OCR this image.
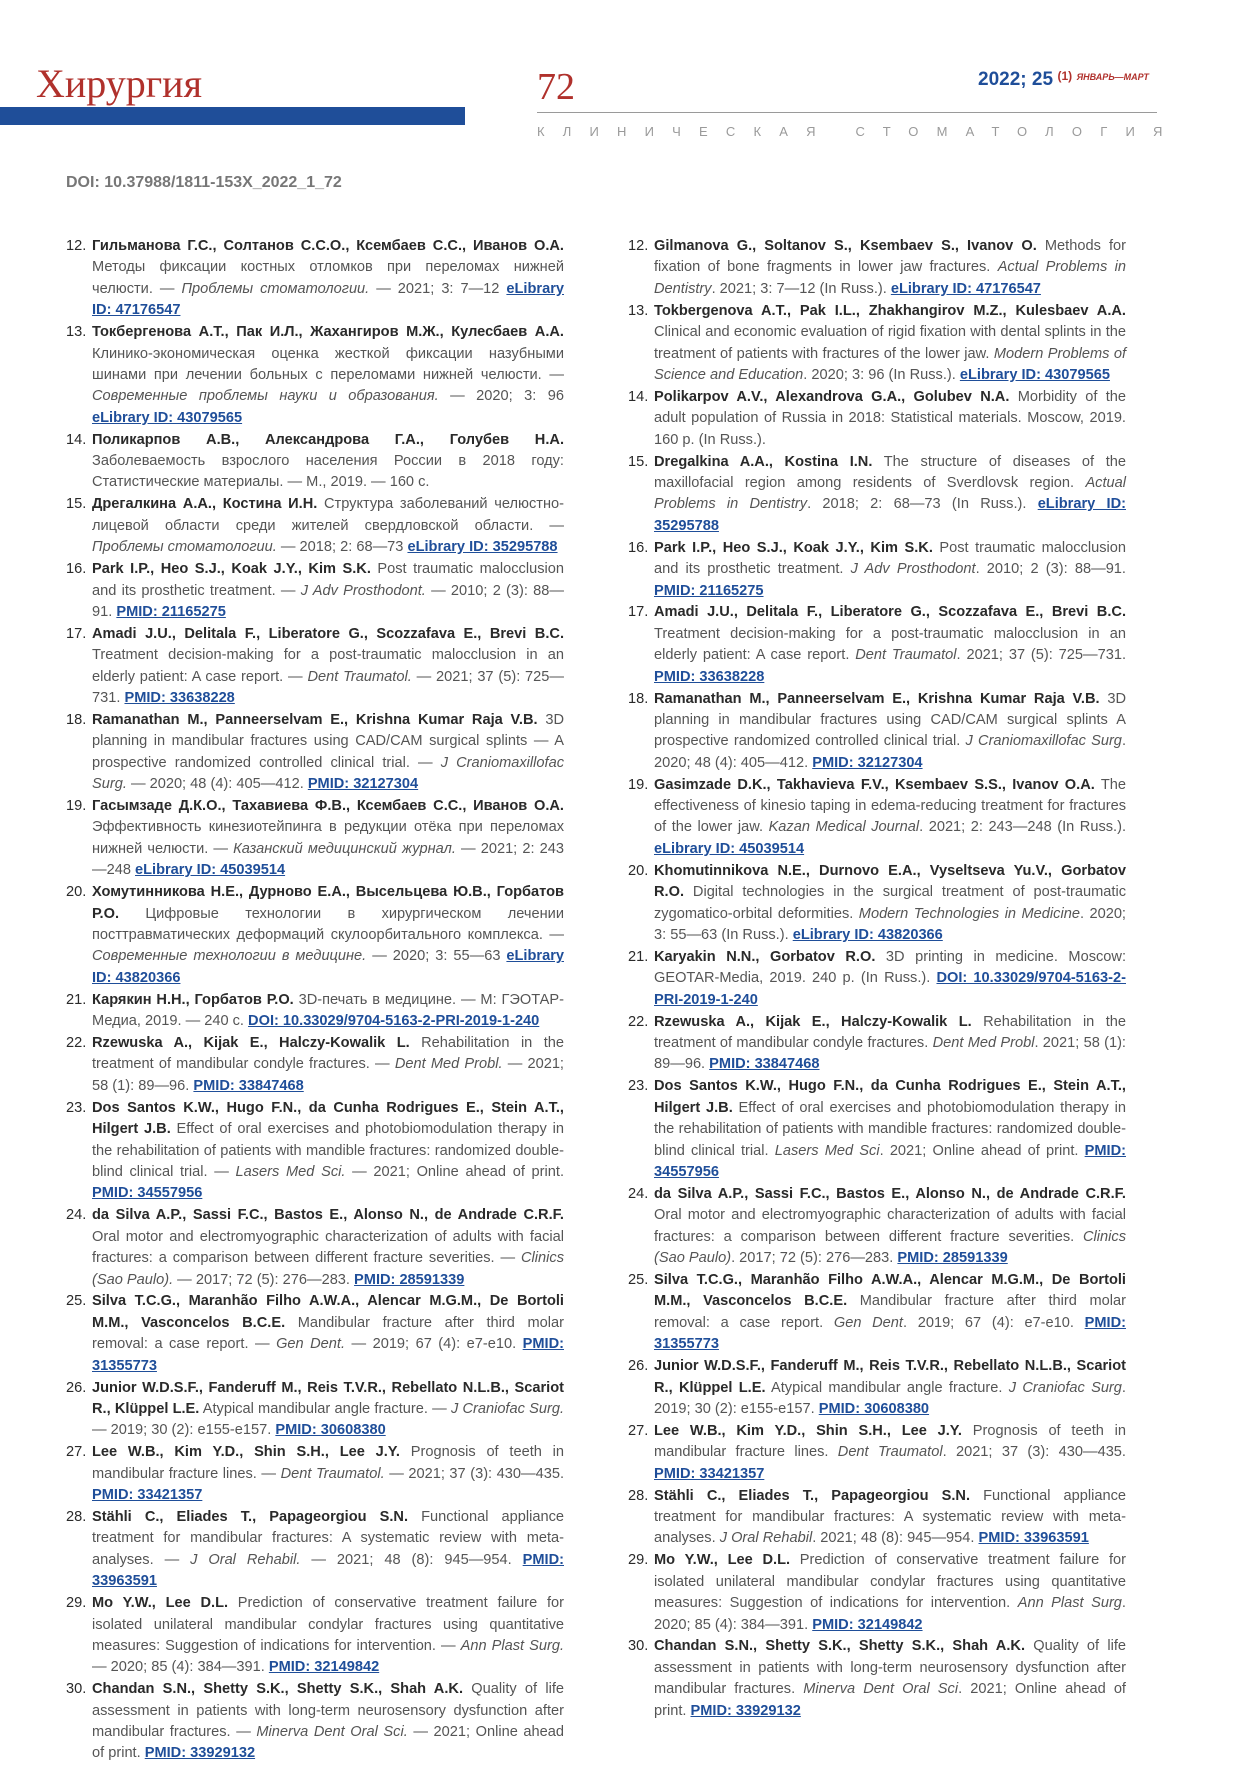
Хирургия	72	2022; 25 $^{(1)}$ $^{ЯНВАРЬ—МАРТ}$
КЛИНИЧЕСКАЯ СТОМАТОЛОГИЯ
DOI: 10.37988/1811-153X_2022_1_72

12. Гильманова Г.С., Солтанов С.С.О., Ксембаев С.С., Иванов О.А. Методы фиксации костных отломков при переломах нижней челюсти. — Проблемы стоматологии. — 2021; 3: 7—12 eLibrary ID: 47176547

13. Токбергенова А.Т., Пак И.Л., Жахангиров М.Ж., Кулесбаев А.А. Клинико-экономическая оценка жесткой фиксации назубными шинами при лечении больных с переломами нижней челюсти. — Современные проблемы науки и образования. — 2020; 3: 96 eLibrary ID: 43079565

14. Поликарпов А.В., Александрова Г.А., Голубев Н.А. Заболеваемость взрослого населения России в 2018 году: Статистические материалы. — М., 2019. — 160 с.

15. Дрегалкина А.А., Костина И.Н. Структура заболеваний челюстно-лицевой области среди жителей свердловской области. — Проблемы стоматологии. — 2018; 2: 68—73 eLibrary ID: 35295788

16. Park I.P., Heo S.J., Koak J.Y., Kim S.K. Post traumatic malocclusion and its prosthetic treatment. — J Adv Prosthodont. — 2010; 2 (3): 88—91. PMID: 21165275

17. Amadi J.U., Delitala F., Liberatore G., Scozzafava E., Brevi B.C. Treatment decision-making for a post-traumatic malocclusion in an elderly patient: A case report. — Dent Traumatol. — 2021; 37 (5): 725—731. PMID: 33638228

18. Ramanathan M., Panneerselvam E., Krishna Kumar Raja V.B. 3D planning in mandibular fractures using CAD/CAM surgical splints — A prospective randomized controlled clinical trial. — J Craniomaxillofac Surg. — 2020; 48 (4): 405—412. PMID: 32127304

19. Гасымзаде Д.К.О., Тахавиева Ф.В., Ксембаев С.С., Иванов О.А. Эффективность кинезиотейпинга в редукции отёка при переломах нижней челюсти. — Казанский медицинский журнал. — 2021; 2: 243—248 eLibrary ID: 45039514

20. Хомутинникова Н.Е., Дурново Е.А., Высельцева Ю.В., Горбатов Р.О. Цифровые технологии в хирургическом лечении посттравматических деформаций скулоорбитального комплекса. — Современные технологии в медицине. — 2020; 3: 55—63 eLibrary ID: 43820366

21. Карякин Н.Н., Горбатов Р.О. 3D-печать в медицине. — М: ГЭОТАР-Медиа, 2019. — 240 с. DOI: 10.33029/9704-5163-2-PRI-2019-1-240

22. Rzewuska A., Kijak E., Halczy-Kowalik L. Rehabilitation in the treatment of mandibular condyle fractures. — Dent Med Probl. — 2021; 58 (1): 89—96. PMID: 33847468

23. Dos Santos K.W., Hugo F.N., da Cunha Rodrigues E., Stein A.T., Hilgert J.B. Effect of oral exercises and photobiomodulation therapy in the rehabilitation of patients with mandible fractures: randomized double-blind clinical trial. — Lasers Med Sci. — 2021; Online ahead of print. PMID: 34557956

24. da Silva A.P., Sassi F.C., Bastos E., Alonso N., de Andrade C.R.F. Oral motor and electromyographic characterization of adults with facial fractures: a comparison between different fracture severities. — Clinics (Sao Paulo). — 2017; 72 (5): 276—283. PMID: 28591339

25. Silva T.C.G., Maranhão Filho A.W.A., Alencar M.G.M., De Bortoli M.M., Vasconcelos B.C.E. Mandibular fracture after third molar removal: a case report. — Gen Dent. — 2019; 67 (4): e7-e10. PMID: 31355773

26. Junior W.D.S.F., Fanderuff M., Reis T.V.R., Rebellato N.L.B., Scariot R., Klüppel L.E. Atypical mandibular angle fracture. — J Craniofac Surg. — 2019; 30 (2): e155-e157. PMID: 30608380

27. Lee W.B., Kim Y.D., Shin S.H., Lee J.Y. Prognosis of teeth in mandibular fracture lines. — Dent Traumatol. — 2021; 37 (3): 430—435. PMID: 33421357

28. Stähli C., Eliades T., Papageorgiou S.N. Functional appliance treatment for mandibular fractures: A systematic review with meta-analyses. — J Oral Rehabil. — 2021; 48 (8): 945—954. PMID: 33963591

29. Mo Y.W., Lee D.L. Prediction of conservative treatment failure for isolated unilateral mandibular condylar fractures using quantitative measures: Suggestion of indications for intervention. — Ann Plast Surg. — 2020; 85 (4): 384—391. PMID: 32149842

30. Chandan S.N., Shetty S.K., Shetty S.K., Shah A.K. Quality of life assessment in patients with long-term neurosensory dysfunction after mandibular fractures. — Minerva Dent Oral Sci. — 2021; Online ahead of print. PMID: 33929132

12. Gilmanova G., Soltanov S., Ksembaev S., Ivanov O. Methods for fixation of bone fragments in lower jaw fractures. Actual Problems in Dentistry. 2021; 3: 7—12 (In Russ.). eLibrary ID: 47176547

13. Tokbergenova A.T., Pak I.L., Zhakhangirov M.Z., Kulesbaev A.A. Clinical and economic evaluation of rigid fixation with dental splints in the treatment of patients with fractures of the lower jaw. Modern Problems of Science and Education. 2020; 3: 96 (In Russ.). eLibrary ID: 43079565

14. Polikarpov A.V., Alexandrova G.A., Golubev N.A. Morbidity of the adult population of Russia in 2018: Statistical materials. Moscow, 2019. 160 p. (In Russ.).

15. Dregalkina A.A., Kostina I.N. The structure of diseases of the maxillofacial region among residents of Sverdlovsk region. Actual Problems in Dentistry. 2018; 2: 68—73 (In Russ.). eLibrary ID: 35295788

16. Park I.P., Heo S.J., Koak J.Y., Kim S.K. Post traumatic malocclusion and its prosthetic treatment. J Adv Prosthodont. 2010; 2 (3): 88—91. PMID: 21165275

17. Amadi J.U., Delitala F., Liberatore G., Scozzafava E., Brevi B.C. Treatment decision-making for a post-traumatic malocclusion in an elderly patient: A case report. Dent Traumatol. 2021; 37 (5): 725—731. PMID: 33638228

18. Ramanathan M., Panneerselvam E., Krishna Kumar Raja V.B. 3D planning in mandibular fractures using CAD/CAM surgical splints A prospective randomized controlled clinical trial. J Craniomaxillofac Surg. 2020; 48 (4): 405—412. PMID: 32127304

19. Gasimzade D.K., Takhavieva F.V., Ksembaev S.S., Ivanov O.A. The effectiveness of kinesio taping in edema-reducing treatment for fractures of the lower jaw. Kazan Medical Journal. 2021; 2: 243—248 (In Russ.). eLibrary ID: 45039514

20. Khomutinnikova N.E., Durnovo E.A., Vyseltseva Yu.V., Gorbatov R.O. Digital technologies in the surgical treatment of post-traumatic zygomatico-orbital deformities. Modern Technologies in Medicine. 2020; 3: 55—63 (In Russ.). eLibrary ID: 43820366

21. Karyakin N.N., Gorbatov R.O. 3D printing in medicine. Moscow: GEOTAR-Media, 2019. 240 p. (In Russ.). DOI: 10.33029/9704-5163-2-PRI-2019-1-240

22. Rzewuska A., Kijak E., Halczy-Kowalik L. Rehabilitation in the treatment of mandibular condyle fractures. Dent Med Probl. 2021; 58 (1): 89—96. PMID: 33847468

23. Dos Santos K.W., Hugo F.N., da Cunha Rodrigues E., Stein A.T., Hilgert J.B. Effect of oral exercises and photobiomodulation therapy in the rehabilitation of patients with mandible fractures: randomized double-blind clinical trial. Lasers Med Sci. 2021; Online ahead of print. PMID: 34557956

24. da Silva A.P., Sassi F.C., Bastos E., Alonso N., de Andrade C.R.F. Oral motor and electromyographic characterization of adults with facial fractures: a comparison between different fracture severities. Clinics (Sao Paulo). 2017; 72 (5): 276—283. PMID: 28591339

25. Silva T.C.G., Maranhão Filho A.W.A., Alencar M.G.M., De Bortoli M.M., Vasconcelos B.C.E. Mandibular fracture after third molar removal: a case report. Gen Dent. 2019; 67 (4): e7-e10. PMID: 31355773

26. Junior W.D.S.F., Fanderuff M., Reis T.V.R., Rebellato N.L.B., Scariot R., Klüppel L.E. Atypical mandibular angle fracture. J Craniofac Surg. 2019; 30 (2): e155-e157. PMID: 30608380

27. Lee W.B., Kim Y.D., Shin S.H., Lee J.Y. Prognosis of teeth in mandibular fracture lines. Dent Traumatol. 2021; 37 (3): 430—435. PMID: 33421357

28. Stähli C., Eliades T., Papageorgiou S.N. Functional appliance treatment for mandibular fractures: A systematic review with meta-analyses. J Oral Rehabil. 2021; 48 (8): 945—954. PMID: 33963591

29. Mo Y.W., Lee D.L. Prediction of conservative treatment failure for isolated unilateral mandibular condylar fractures using quantitative measures: Suggestion of indications for intervention. Ann Plast Surg. 2020; 85 (4): 384—391. PMID: 32149842

30. Chandan S.N., Shetty S.K., Shetty S.K., Shah A.K. Quality of life assessment in patients with long-term neurosensory dysfunction after mandibular fractures. Minerva Dent Oral Sci. 2021; Online ahead of print. PMID: 33929132
